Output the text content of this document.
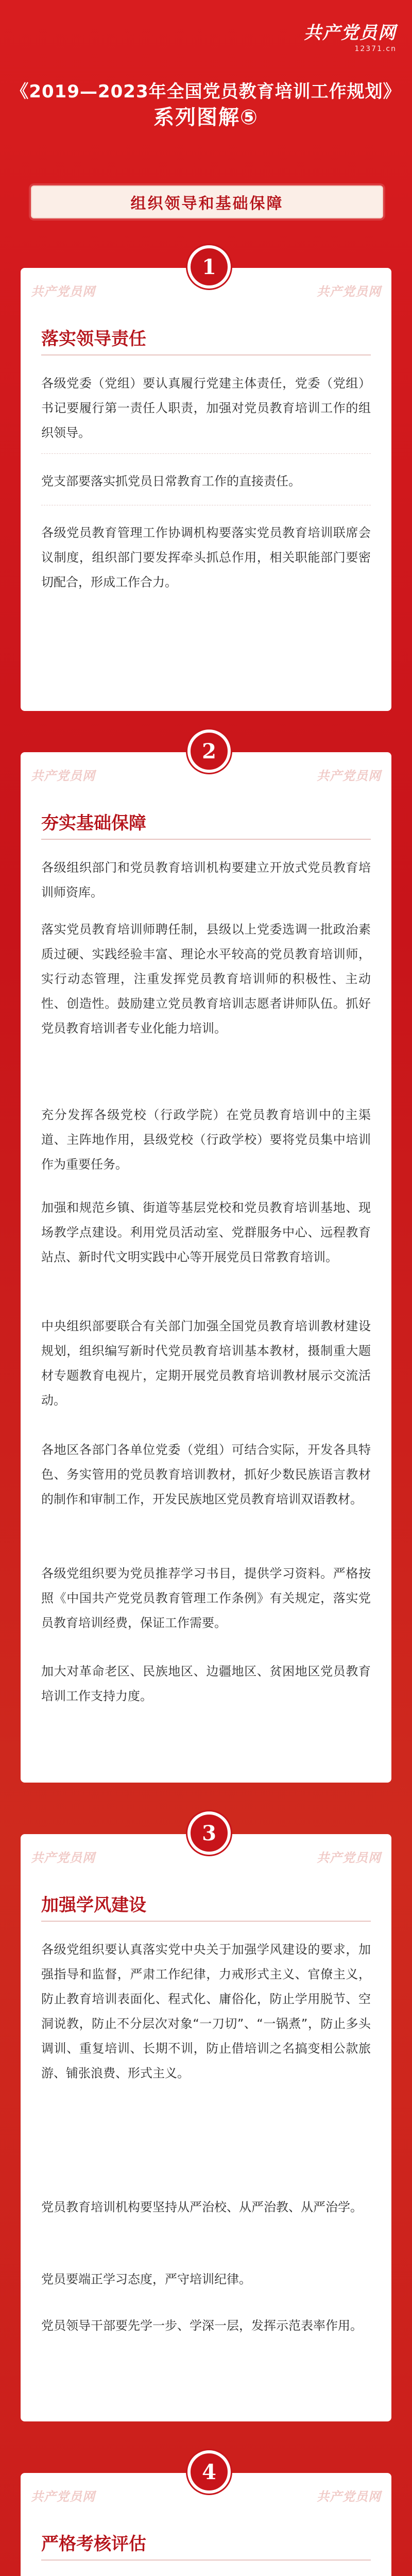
共产党员网
12371.cn
《2019—2023年全国党员教育培训工作规划》
系列图解⑤
组织领导和基础保障
共产党员网	共产党员网
1
落实领导责任
各级党委（党组）要认真履行党建主体责任，党委（党组）书记要履行第一责任人职责，加强对党员教育培训工作的组织领导。
党支部要落实抓党员日常教育工作的直接责任。
各级党员教育管理工作协调机构要落实党员教育培训联席会议制度，组织部门要发挥牵头抓总作用，相关职能部门要密切配合，形成工作合力。
共产党员网	共产党员网
2
夯实基础保障
各级组织部门和党员教育培训机构要建立开放式党员教育培训师资库。
落实党员教育培训师聘任制，县级以上党委选调一批政治素质过硬、实践经验丰富、理论水平较高的党员教育培训师，实行动态管理，注重发挥党员教育培训师的积极性、主动性、创造性。鼓励建立党员教育培训志愿者讲师队伍。抓好党员教育培训者专业化能力培训。
充分发挥各级党校（行政学院）在党员教育培训中的主渠道、主阵地作用，县级党校（行政学校）要将党员集中培训作为重要任务。
加强和规范乡镇、街道等基层党校和党员教育培训基地、现场教学点建设。利用党员活动室、党群服务中心、远程教育站点、新时代文明实践中心等开展党员日常教育培训。
中央组织部要联合有关部门加强全国党员教育培训教材建设规划，组织编写新时代党员教育培训基本教材，摄制重大题材专题教育电视片，定期开展党员教育培训教材展示交流活动。
各地区各部门各单位党委（党组）可结合实际，开发各具特色、务实管用的党员教育培训教材，抓好少数民族语言教材的制作和审制工作，开发民族地区党员教育培训双语教材。
各级党组织要为党员推荐学习书目，提供学习资料。严格按照《中国共产党党员教育管理工作条例》有关规定，落实党员教育培训经费，保证工作需要。
加大对革命老区、民族地区、边疆地区、贫困地区党员教育培训工作支持力度。
共产党员网	共产党员网
3
加强学风建设
各级党组织要认真落实党中央关于加强学风建设的要求，加强指导和监督，严肃工作纪律，力戒形式主义、官僚主义，防止教育培训表面化、程式化、庸俗化，防止学用脱节、空洞说教，防止不分层次对象“一刀切”、“一锅煮”，防止多头调训、重复培训、长期不训，防止借培训之名搞变相公款旅游、铺张浪费、形式主义。
党员教育培训机构要坚持从严治校、从严治教、从严治学。
党员要端正学习态度，严守培训纪律。
党员领导干部要先学一步、学深一层，发挥示范表率作用。
共产党员网	共产党员网
4
严格考核评估
